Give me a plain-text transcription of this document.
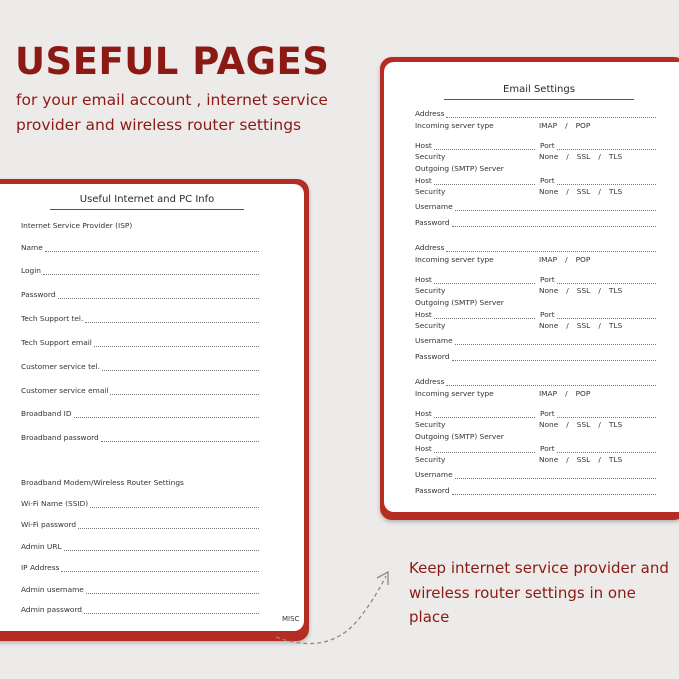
USEFUL PAGES
for your email account , internet service provider and wireless router settings
Email Settings
Address
Incoming server type	IMAP / POP
Host	Port
Security	None / SSL / TLS
Outgoing (SMTP) Server
Host	Port
Security	None / SSL / TLS
Username
Password
Address
Incoming server type	IMAP / POP
Host	Port
Security	None / SSL / TLS
Outgoing (SMTP) Server
Host	Port
Security	None / SSL / TLS
Username
Password
Address
Incoming server type	IMAP / POP
Host	Port
Security	None / SSL / TLS
Outgoing (SMTP) Server
Host	Port
Security	None / SSL / TLS
Username
Password
Useful Internet and PC Info
Internet Service Provider (ISP)
Name
Login
Password
Tech Support tel.
Tech Support email
Customer service tel.
Customer service email
Broadband ID
Broadband password
Broadband Modem/Wireless Router Settings
Wi-Fi Name (SSID)
Wi-Fi password
Admin URL
IP Address
Admin username
Admin password
MISC
Keep internet service provider and wireless router settings in one place
